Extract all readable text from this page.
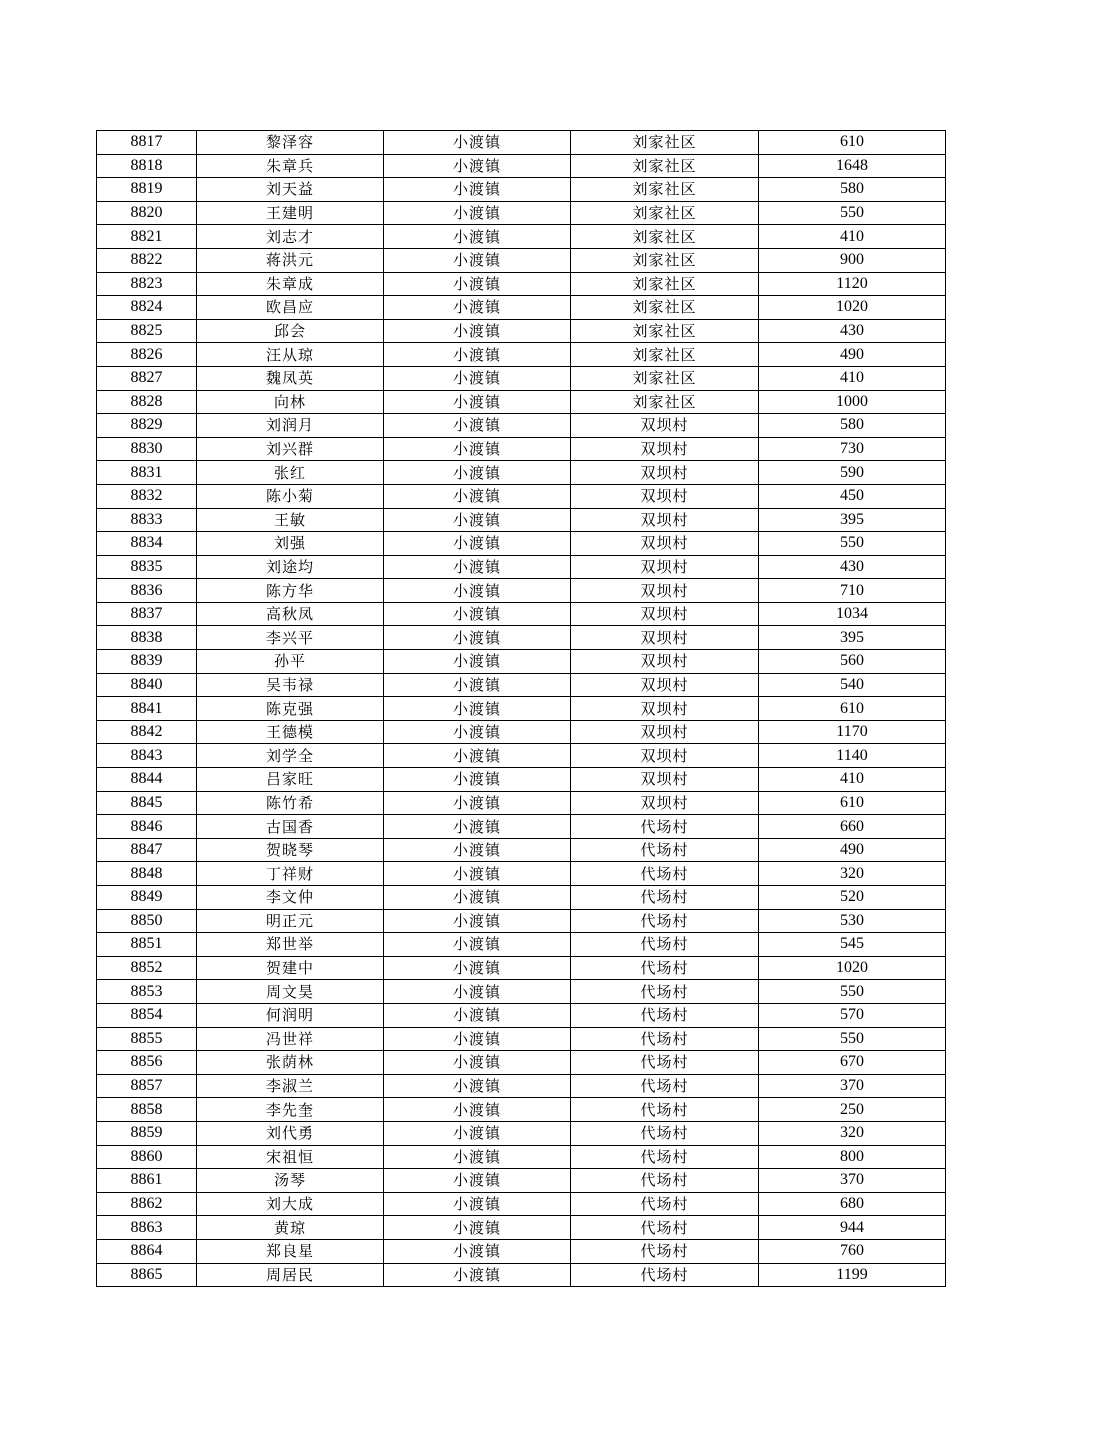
8817	黎泽容	小渡镇	刘家社区	610
8818	朱章兵	小渡镇	刘家社区	1648
8819	刘天益	小渡镇	刘家社区	580
8820	王建明	小渡镇	刘家社区	550
8821	刘志才	小渡镇	刘家社区	410
8822	蒋洪元	小渡镇	刘家社区	900
8823	朱章成	小渡镇	刘家社区	1120
8824	欧昌应	小渡镇	刘家社区	1020
8825	邱会	小渡镇	刘家社区	430
8826	汪从琼	小渡镇	刘家社区	490
8827	魏凤英	小渡镇	刘家社区	410
8828	向林	小渡镇	刘家社区	1000
8829	刘润月	小渡镇	双坝村	580
8830	刘兴群	小渡镇	双坝村	730
8831	张红	小渡镇	双坝村	590
8832	陈小菊	小渡镇	双坝村	450
8833	王敏	小渡镇	双坝村	395
8834	刘强	小渡镇	双坝村	550
8835	刘途均	小渡镇	双坝村	430
8836	陈方华	小渡镇	双坝村	710
8837	高秋凤	小渡镇	双坝村	1034
8838	李兴平	小渡镇	双坝村	395
8839	孙平	小渡镇	双坝村	560
8840	吴韦禄	小渡镇	双坝村	540
8841	陈克强	小渡镇	双坝村	610
8842	王德模	小渡镇	双坝村	1170
8843	刘学全	小渡镇	双坝村	1140
8844	吕家旺	小渡镇	双坝村	410
8845	陈竹希	小渡镇	双坝村	610
8846	古国香	小渡镇	代场村	660
8847	贺晓琴	小渡镇	代场村	490
8848	丁祥财	小渡镇	代场村	320
8849	李文仲	小渡镇	代场村	520
8850	明正元	小渡镇	代场村	530
8851	郑世举	小渡镇	代场村	545
8852	贺建中	小渡镇	代场村	1020
8853	周文昊	小渡镇	代场村	550
8854	何润明	小渡镇	代场村	570
8855	冯世祥	小渡镇	代场村	550
8856	张荫林	小渡镇	代场村	670
8857	李淑兰	小渡镇	代场村	370
8858	李先奎	小渡镇	代场村	250
8859	刘代勇	小渡镇	代场村	320
8860	宋祖恒	小渡镇	代场村	800
8861	汤琴	小渡镇	代场村	370
8862	刘大成	小渡镇	代场村	680
8863	黄琼	小渡镇	代场村	944
8864	郑良星	小渡镇	代场村	760
8865	周居民	小渡镇	代场村	1199
